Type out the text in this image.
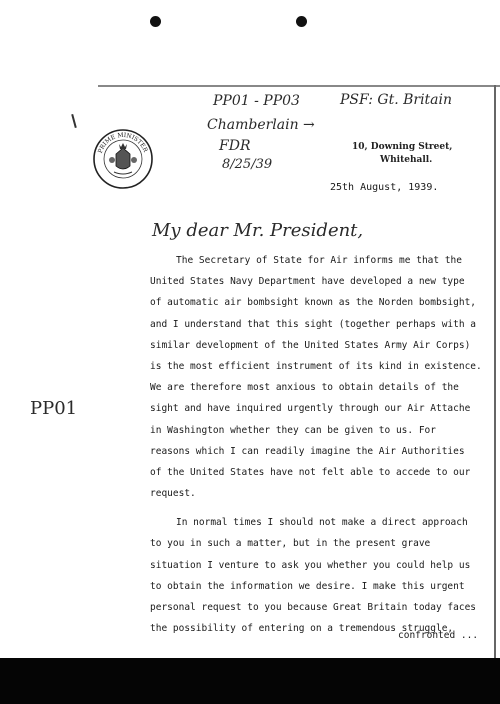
PP01 - PP03
Chamberlain →
FDR
8/25/39
PSF: Gt. Britain
PP01
PRIME MINISTER	10, Downing Street,
Whitehall.
25th August, 1939.
My dear Mr. President,
The Secretary of State for Air informs me that the
United States Navy Department have developed a new type
of automatic air bombsight known as the Norden bombsight,
and I understand that this sight (together perhaps with a
similar development of the United States Army Air Corps)
is the most efficient instrument of its kind in existence.
We are therefore most anxious to obtain details of the
sight and have inquired urgently through our Air Attache
in Washington whether they can be given to us. For
reasons which I can readily imagine the Air Authorities
of the United States have not felt able to accede to our
request.
In normal times I should not make a direct approach
to you in such a matter, but in the present grave
situation I venture to ask you whether you could help us
to obtain the information we desire. I make this urgent
personal request to you because Great Britain today faces
the possibility of entering on a tremendous struggle,
confronted ...
